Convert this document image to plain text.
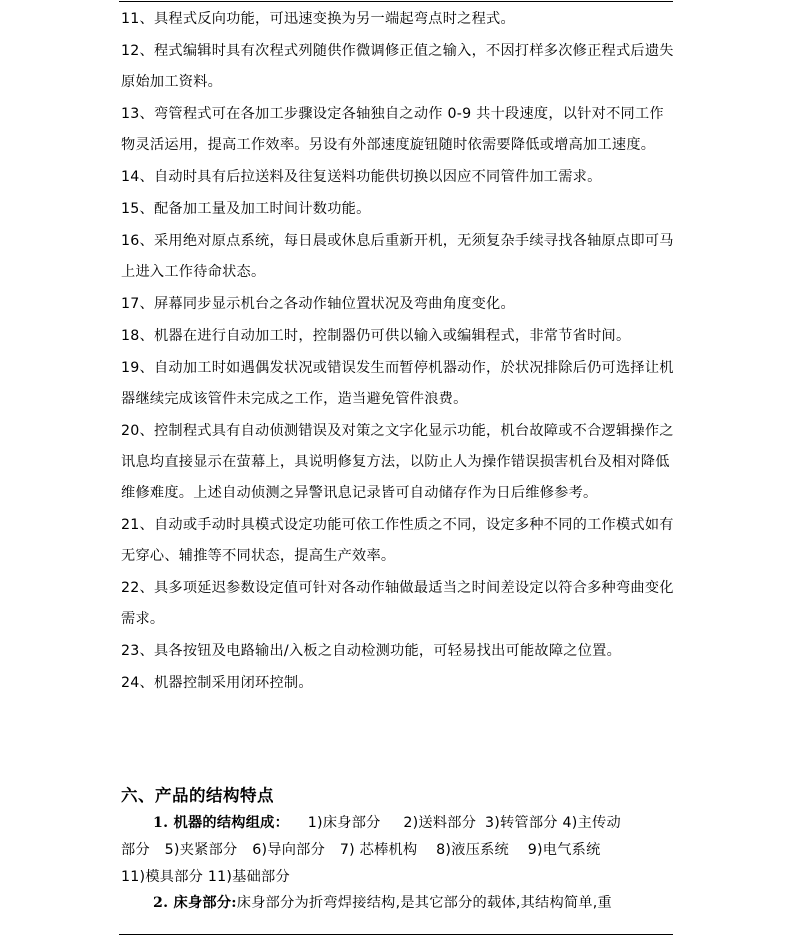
11、具程式反向功能，可迅速变换为另一端起弯点时之程式。

12、程式编辑时具有次程式列随供作微调修正值之输入，不因打样多次修正程式后遗失原始加工资料。

13、弯管程式可在各加工步骤设定各轴独自之动作 0-9 共十段速度，以针对不同工作物灵活运用，提高工作效率。另设有外部速度旋钮随时依需要降低或增高加工速度。

14、自动时具有后拉送料及往复送料功能供切换以因应不同管件加工需求。

15、配备加工量及加工时间计数功能。

16、采用绝对原点系统，每日晨或休息后重新开机，无须复杂手续寻找各轴原点即可马上进入工作待命状态。

17、屏幕同步显示机台之各动作轴位置状况及弯曲角度变化。

18、机器在进行自动加工时，控制器仍可供以输入或编辑程式，非常节省时间。

19、自动加工时如遇偶发状况或错误发生而暂停机器动作，於状况排除后仍可选择让机器继续完成该管件未完成之工作，造当避免管件浪费。

20、控制程式具有自动侦测错误及对策之文字化显示功能，机台故障或不合逻辑操作之讯息均直接显示在萤幕上，具说明修复方法，以防止人为操作错误损害机台及相对降低维修难度。上述自动侦测之异警讯息记录皆可自动储存作为日后维修参考。

21、自动或手动时具模式设定功能可依工作性质之不同，设定多种不同的工作模式如有无穿心、辅推等不同状态，提高生产效率。

22、具多项延迟参数设定值可针对各动作轴做最适当之时间差设定以符合多种弯曲变化需求。

23、具各按钮及电路输出/入板之自动检测功能，可轻易找出可能故障之位置。

24、机器控制采用闭环控制。

六、产品的结构特点

1. 机器的结构组成： 1)床身部分 2)送料部分 3)转管部分 4)主传动

部分 5)夹紧部分 6)导向部分 7) 芯棒机构 8)液压系统 9)电气系统

11)模具部分 11)基础部分

2. 床身部分:床身部分为折弯焊接结构,是其它部分的载体,其结构简单,重
